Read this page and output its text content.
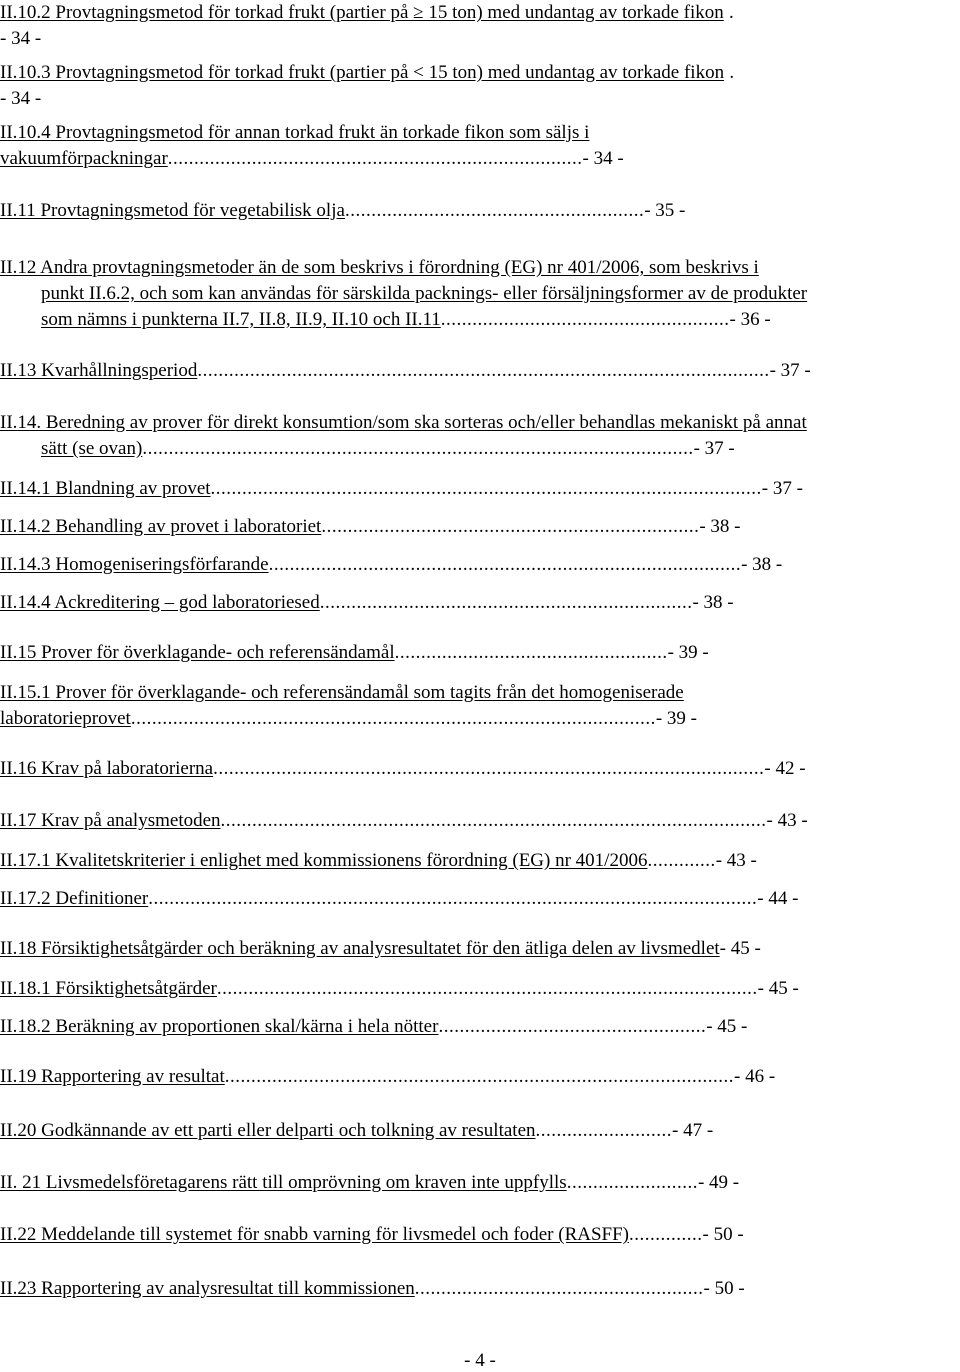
II.10.2 Provtagningsmetod för torkad frukt (partier på ≥ 15 ton) med undantag av torkade fikon .
- 34 -
II.10.3 Provtagningsmetod för torkad frukt (partier på < 15 ton) med undantag av torkade fikon .
- 34 -
II.10.4 Provtagningsmetod för annan torkad frukt än torkade fikon som säljs i
vakuumförpackningar...............................................................................- 34 -
II.11 Provtagningsmetod för vegetabilisk olja.........................................................- 35 -
II.12 Andra provtagningsmetoder än de som beskrivs i förordning (EG) nr 401/2006, som beskrivs i
punkt II.6.2, och som kan användas för särskilda packnings- eller försäljningsformer av de produkter
som nämns i punkterna II.7, II.8, II.9, II.10 och II.11.......................................................- 36 -
II.13 Kvarhållningsperiod.............................................................................................................- 37 -
II.14. Beredning av prover för direkt konsumtion/som ska sorteras och/eller behandlas mekaniskt på annat
sätt (se ovan).........................................................................................................- 37 -
II.14.1 Blandning av provet.........................................................................................................- 37 -
II.14.2 Behandling av provet i laboratoriet........................................................................- 38 -
II.14.3 Homogeniseringsförfarande..........................................................................................- 38 -
II.14.4 Ackreditering – god laboratoriesed.......................................................................- 38 -
II.15 Prover för överklagande- och referensändamål....................................................- 39 -
II.15.1 Prover för överklagande- och referensändamål som tagits från det homogeniserade
laboratorieprovet....................................................................................................- 39 -
II.16 Krav på laboratorierna.........................................................................................................- 42 -
II.17 Krav på analysmetoden........................................................................................................- 43 -
II.17.1 Kvalitetskriterier i enlighet med kommissionens förordning (EG) nr 401/2006.............- 43 -
II.17.2 Definitioner....................................................................................................................- 44 -
II.18 Försiktighetsåtgärder och beräkning av analysresultatet för den ätliga delen av livsmedlet- 45 -
II.18.1 Försiktighetsåtgärder.......................................................................................................- 45 -
II.18.2 Beräkning av proportionen skal/kärna i hela nötter...................................................- 45 -
II.19 Rapportering av resultat.................................................................................................- 46 -
II.20 Godkännande av ett parti eller delparti och tolkning av resultaten..........................- 47 -
II. 21 Livsmedelsföretagarens rätt till omprövning om kraven inte uppfylls.........................- 49 -
II.22 Meddelande till systemet för snabb varning för livsmedel och foder (RASFF)..............- 50 -
II.23 Rapportering av analysresultat till kommissionen.......................................................- 50 -
- 4 -
